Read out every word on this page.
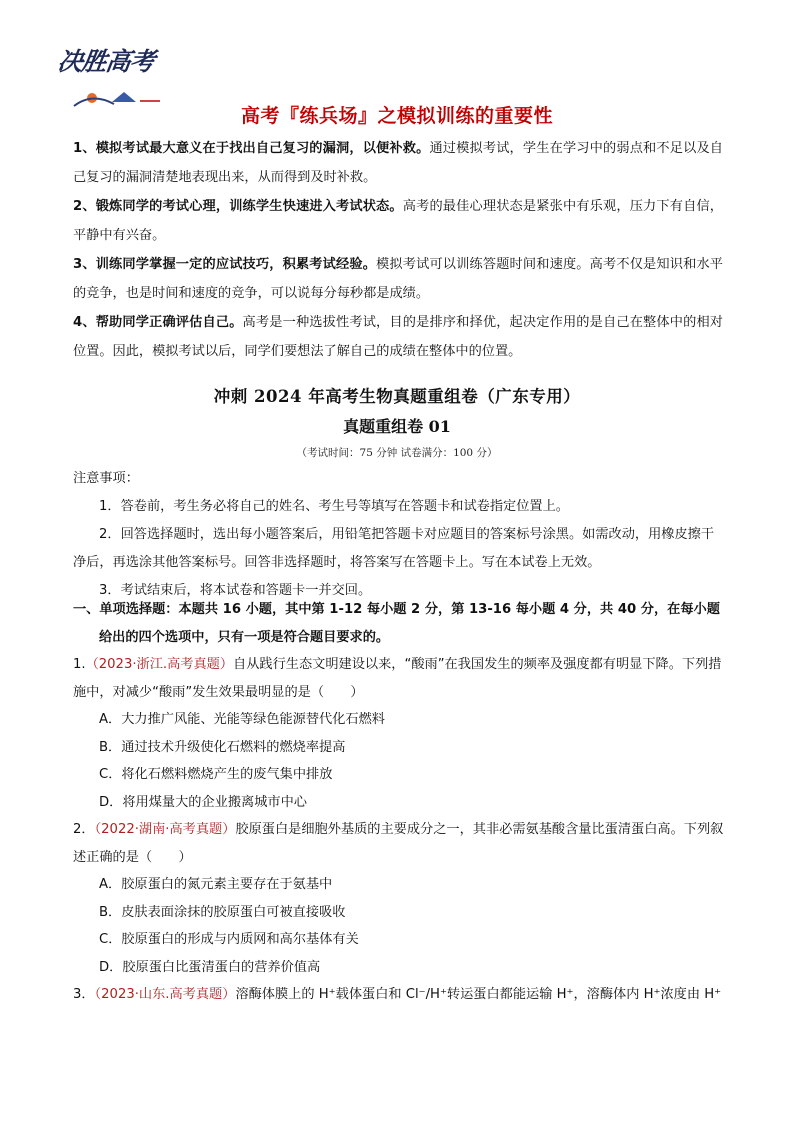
决胜高考
高考『练兵场』之模拟训练的重要性

1、模拟考试最大意义在于找出自己复习的漏洞，以便补救。通过模拟考试，学生在学习中的弱点和不足以及自己复习的漏洞清楚地表现出来，从而得到及时补救。

2、锻炼同学的考试心理，训练学生快速进入考试状态。高考的最佳心理状态是紧张中有乐观，压力下有自信，平静中有兴奋。

3、训练同学掌握一定的应试技巧，积累考试经验。模拟考试可以训练答题时间和速度。高考不仅是知识和水平的竞争，也是时间和速度的竞争，可以说每分每秒都是成绩。

4、帮助同学正确评估自己。高考是一种选拔性考试，目的是排序和择优，起决定作用的是自己在整体中的相对位置。因此，模拟考试以后，同学们要想法了解自己的成绩在整体中的位置。

冲刺 2024 年高考生物真题重组卷（广东专用）
真题重组卷 01
（考试时间：75 分钟 试卷满分：100 分）

注意事项：

1．答卷前，考生务必将自己的姓名、考生号等填写在答题卡和试卷指定位置上。

2．回答选择题时，选出每小题答案后，用铅笔把答题卡对应题目的答案标号涂黑。如需改动，用橡皮擦干净后，再选涂其他答案标号。回答非选择题时，将答案写在答题卡上。写在本试卷上无效。

3．考试结束后，将本试卷和答题卡一并交回。

一、单项选择题：本题共 16 小题，其中第 1-12 每小题 2 分，第 13-16 每小题 4 分，共 40 分，在每小题给出的四个选项中，只有一项是符合题目要求的。

1.（2023·浙江.高考真题）自从践行生态文明建设以来，“酸雨”在我国发生的频率及强度都有明显下降。下列措施中，对减少“酸雨”发生效果最明显的是（　　）

A．大力推广风能、光能等绿色能源替代化石燃料

B．通过技术升级使化石燃料的燃烧率提高

C．将化石燃料燃烧产生的废气集中排放

D．将用煤量大的企业搬离城市中心

2．（2022·湖南·高考真题）胶原蛋白是细胞外基质的主要成分之一，其非必需氨基酸含量比蛋清蛋白高。下列叙述正确的是（　　）

A．胶原蛋白的氮元素主要存在于氨基中

B．皮肤表面涂抹的胶原蛋白可被直接吸收

C．胶原蛋白的形成与内质网和高尔基体有关

D．胶原蛋白比蛋清蛋白的营养价值高

3．（2023·山东.高考真题）溶酶体膜上的 H⁺载体蛋白和 Cl⁻/H⁺转运蛋白都能运输 H⁺，溶酶体内 H⁺浓度由 H⁺
